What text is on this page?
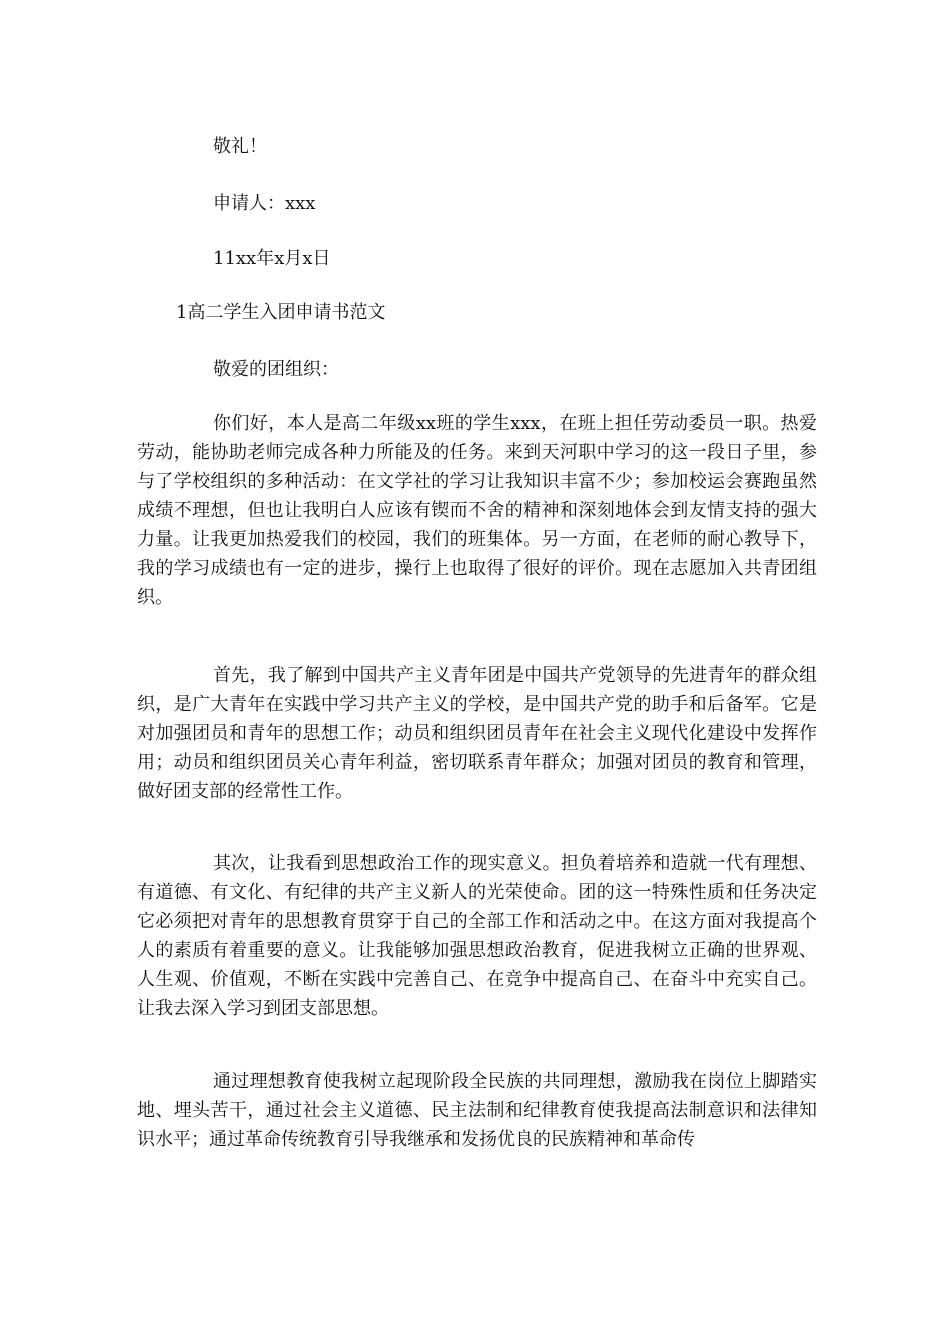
敬礼！
申请人：xxx
11xx年x月x日
1高二学生入团申请书范文
敬爱的团组织：

你们好，本人是高二年级xx班的学生xxx，在班上担任劳动委员一职。热爱劳动，能协助老师完成各种力所能及的任务。来到天河职中学习的这一段日子里，参与了学校组织的多种活动：在文学社的学习让我知识丰富不少；参加校运会赛跑虽然成绩不理想，但也让我明白人应该有锲而不舍的精神和深刻地体会到友情支持的强大力量。让我更加热爱我们的校园，我们的班集体。另一方面，在老师的耐心教导下，我的学习成绩也有一定的进步，操行上也取得了很好的评价。现在志愿加入共青团组织。

首先，我了解到中国共产主义青年团是中国共产党领导的先进青年的群众组织，是广大青年在实践中学习共产主义的学校，是中国共产党的助手和后备军。它是对加强团员和青年的思想工作；动员和组织团员青年在社会主义现代化建设中发挥作用；动员和组织团员关心青年利益，密切联系青年群众；加强对团员的教育和管理，做好团支部的经常性工作。

其次，让我看到思想政治工作的现实意义。担负着培养和造就一代有理想、有道德、有文化、有纪律的共产主义新人的光荣使命。团的这一特殊性质和任务决定它必须把对青年的思想教育贯穿于自己的全部工作和活动之中。在这方面对我提高个人的素质有着重要的意义。让我能够加强思想政治教育，促进我树立正确的世界观、人生观、价值观，不断在实践中完善自己、在竞争中提高自己、在奋斗中充实自己。让我去深入学习到团支部思想。

通过理想教育使我树立起现阶段全民族的共同理想，激励我在岗位上脚踏实地、埋头苦干，通过社会主义道德、民主法制和纪律教育使我提高法制意识和法律知识水平；通过革命传统教育引导我继承和发扬优良的民族精神和革命传
